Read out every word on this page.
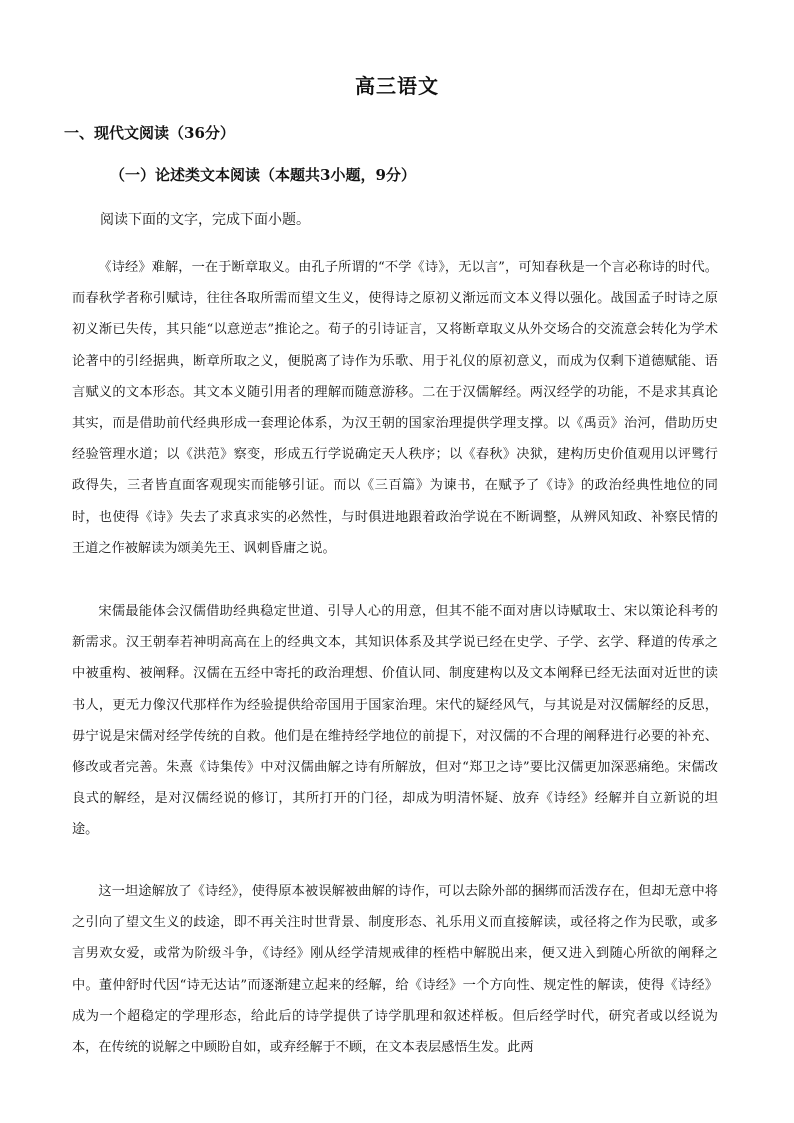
高三语文
一、现代文阅读（36分）
（一）论述类文本阅读（本题共3小题，9分）
阅读下面的文字，完成下面小题。

《诗经》难解，一在于断章取义。由孔子所谓的“不学《诗》，无以言”，可知春秋是一个言必称诗的时代。而春秋学者称引赋诗，往往各取所需而望文生义，使得诗之原初义渐远而文本义得以强化。战国孟子时诗之原初义渐已失传，其只能“以意逆志”推论之。荀子的引诗证言，又将断章取义从外交场合的交流意会转化为学术论著中的引经据典，断章所取之义，便脱离了诗作为乐歌、用于礼仪的原初意义，而成为仅剩下道德赋能、语言赋义的文本形态。其文本义随引用者的理解而随意游移。二在于汉儒解经。两汉经学的功能，不是求其真论其实，而是借助前代经典形成一套理论体系，为汉王朝的国家治理提供学理支撑。以《禹贡》治河，借助历史经验管理水道；以《洪范》察变，形成五行学说确定天人秩序；以《春秋》决狱，建构历史价值观用以评骘行政得失，三者皆直面客观现实而能够引证。而以《三百篇》为谏书，在赋予了《诗》的政治经典性地位的同时，也使得《诗》失去了求真求实的必然性，与时俱进地跟着政治学说在不断调整，从辨风知政、补察民情的王道之作被解读为颂美先王、讽刺昏庸之说。

宋儒最能体会汉儒借助经典稳定世道、引导人心的用意，但其不能不面对唐以诗赋取士、宋以策论科考的新需求。汉王朝奉若神明高高在上的经典文本，其知识体系及其学说已经在史学、子学、玄学、释道的传承之中被重构、被阐释。汉儒在五经中寄托的政治理想、价值认同、制度建构以及文本阐释已经无法面对近世的读书人，更无力像汉代那样作为经验提供给帝国用于国家治理。宋代的疑经风气，与其说是对汉儒解经的反思，毋宁说是宋儒对经学传统的自救。他们是在维持经学地位的前提下，对汉儒的不合理的阐释进行必要的补充、修改或者完善。朱熹《诗集传》中对汉儒曲解之诗有所解放，但对“郑卫之诗”要比汉儒更加深恶痛绝。宋儒改良式的解经，是对汉儒经说的修订，其所打开的门径，却成为明清怀疑、放弃《诗经》经解并自立新说的坦途。

这一坦途解放了《诗经》，使得原本被误解被曲解的诗作，可以去除外部的捆绑而活泼存在，但却无意中将之引向了望文生义的歧途，即不再关注时世背景、制度形态、礼乐用义而直接解读，或径将之作为民歌，或多言男欢女爱，或常为阶级斗争，《诗经》刚从经学清规戒律的桎梏中解脱出来，便又进入到随心所欲的阐释之中。董仲舒时代因“诗无达诂”而逐渐建立起来的经解，给《诗经》一个方向性、规定性的解读，使得《诗经》成为一个超稳定的学理形态，给此后的诗学提供了诗学肌理和叙述样板。但后经学时代，研究者或以经说为本，在传统的说解之中顾盼自如，或弃经解于不顾，在文本表层感悟生发。此两
